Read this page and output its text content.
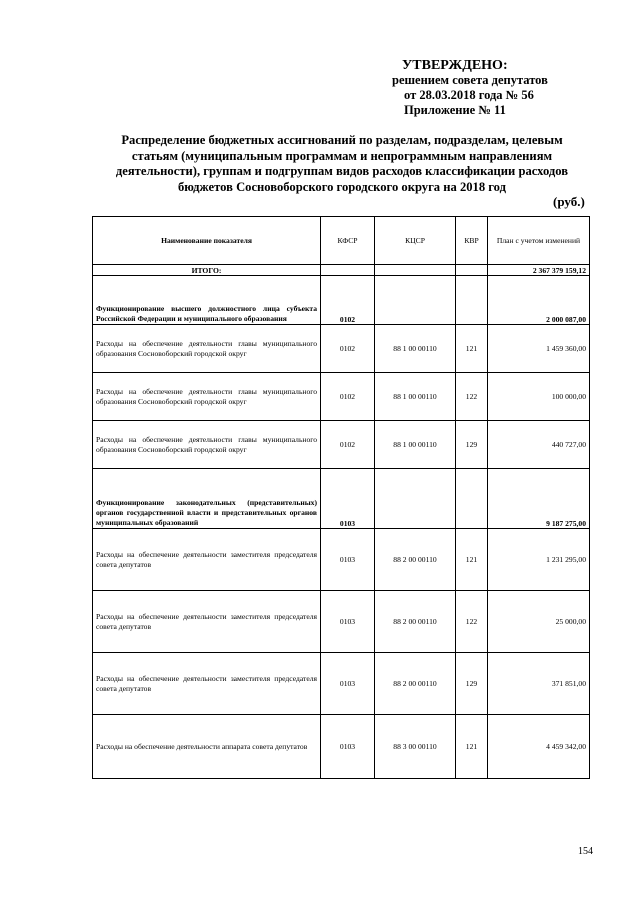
УТВЕРЖДЕНО:
решением совета депутатов
от 28.03.2018 года № 56
Приложение № 11
Распределение бюджетных ассигнований по разделам, подразделам, целевым
статьям (муниципальным программам и непрограммным направлениям
деятельности), группам и подгруппам видов расходов классификации расходов
бюджетов Сосновоборского городского округа на 2018 год
(руб.)
Наименование показателя	КФСР	КЦСР	КВР	План с учетом изменений
ИТОГО:				2 367 379 159,12
Функционирование высшего должностного лица субъекта Российской Федерации и муниципального образования	0102			2 000 087,00
Расходы на обеспечение деятельности главы муниципального образования Сосновоборский городской округ	0102	88 1 00 00110	121	1 459 360,00
Расходы на обеспечение деятельности главы муниципального образования Сосновоборский городской округ	0102	88 1 00 00110	122	100 000,00
Расходы на обеспечение деятельности главы муниципального образования Сосновоборский городской округ	0102	88 1 00 00110	129	440 727,00
Функционирование законодательных (представительных) органов государственной власти и представительных органов муниципальных образований	0103			9 187 275,00
Расходы на обеспечение деятельности заместителя председателя совета депутатов	0103	88 2 00 00110	121	1 231 295,00
Расходы на обеспечение деятельности заместителя председателя совета депутатов	0103	88 2 00 00110	122	25 000,00
Расходы на обеспечение деятельности заместителя председателя совета депутатов	0103	88 2 00 00110	129	371 851,00
Расходы на обеспечение деятельности аппарата совета депутатов	0103	88 3 00 00110	121	4 459 342,00
154
